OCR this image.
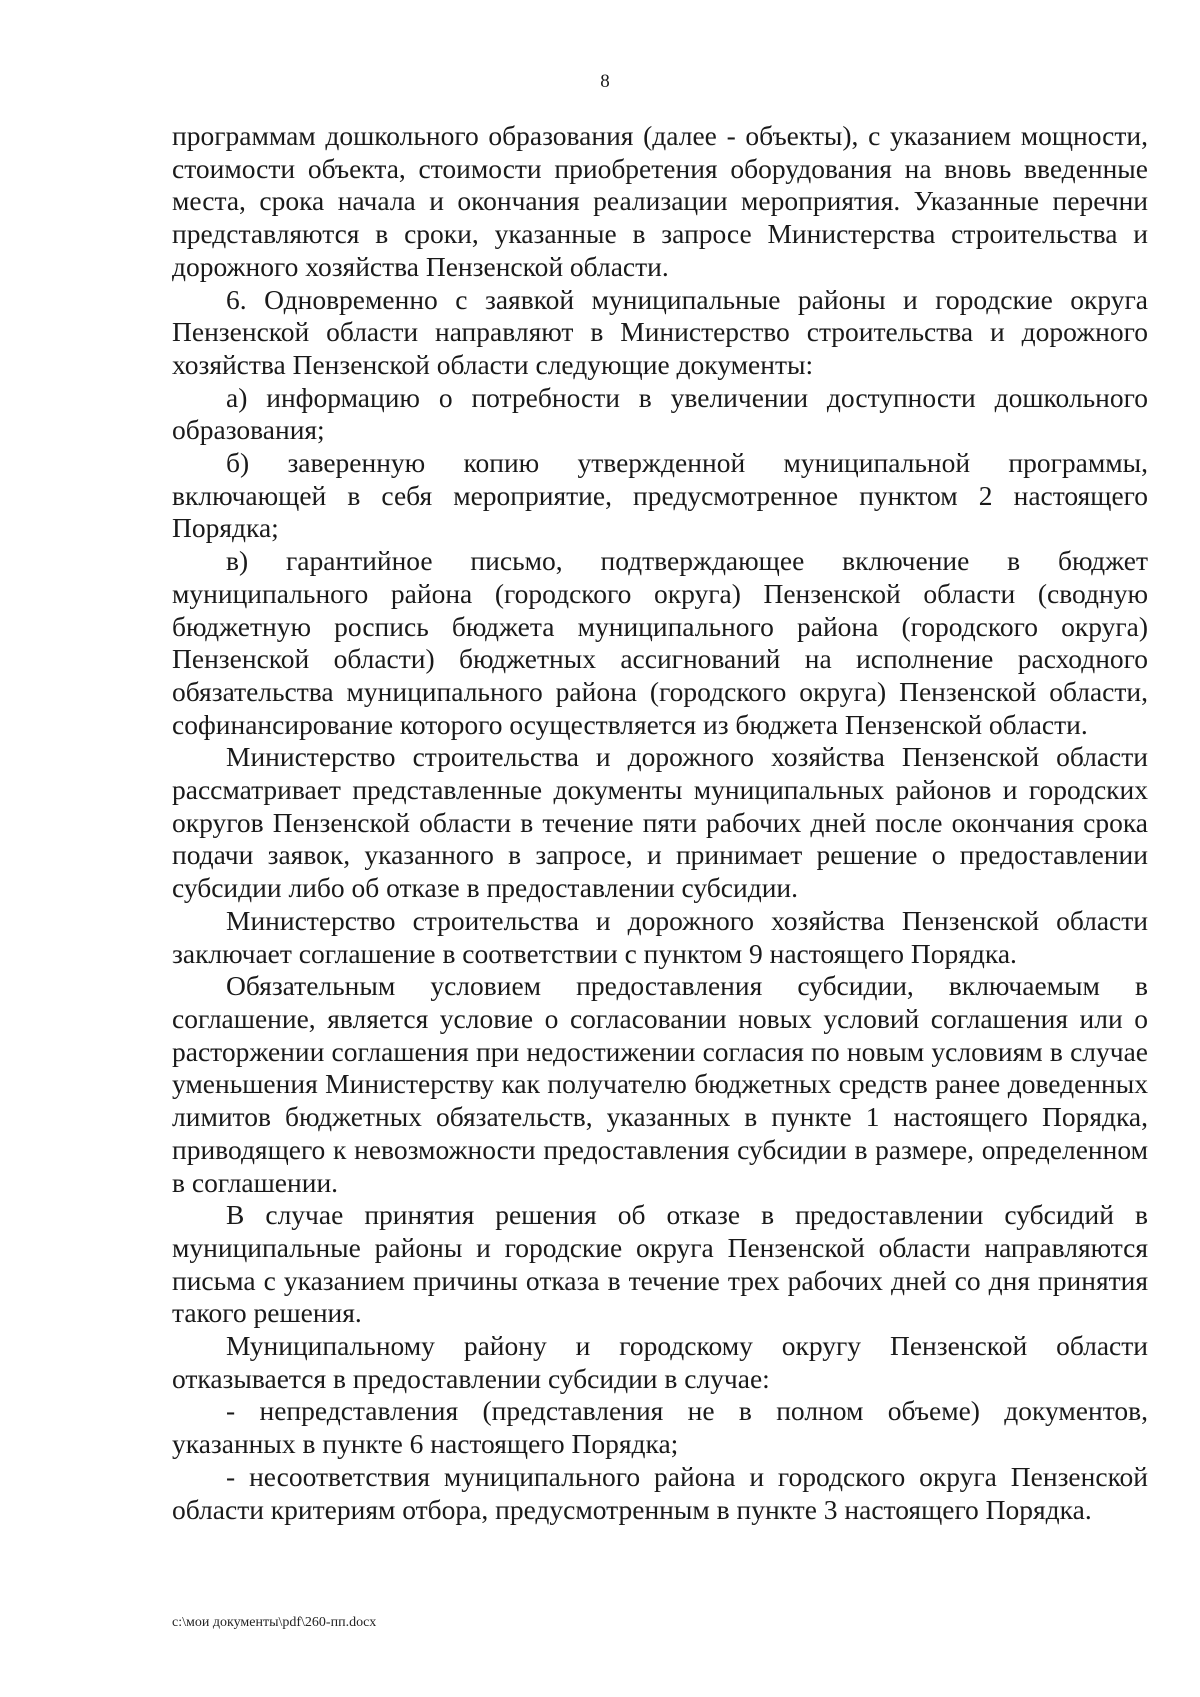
8

программам дошкольного образования (далее - объекты), с указанием мощности, стоимости объекта, стоимости приобретения оборудования на вновь введенные места, срока начала и окончания реализации мероприятия. Указанные перечни представляются в сроки, указанные в запросе Министерства строительства и дорожного хозяйства Пензенской области.

6. Одновременно с заявкой муниципальные районы и городские округа Пензенской области направляют в Министерство строительства и дорожного хозяйства Пензенской области следующие документы:

а) информацию о потребности в увеличении доступности дошкольного образования;

б) заверенную копию утвержденной муниципальной программы, включающей в себя мероприятие, предусмотренное пунктом 2 настоящего Порядка;

в) гарантийное письмо, подтверждающее включение в бюджет муниципального района (городского округа) Пензенской области (сводную бюджетную роспись бюджета муниципального района (городского округа) Пензенской области) бюджетных ассигнований на исполнение расходного обязательства муниципального района (городского округа) Пензенской области, софинансирование которого осуществляется из бюджета Пензенской области.

Министерство строительства и дорожного хозяйства Пензенской области рассматривает представленные документы муниципальных районов и городских округов Пензенской области в течение пяти рабочих дней после окончания срока подачи заявок, указанного в запросе, и принимает решение о предоставлении субсидии либо об отказе в предоставлении субсидии.

Министерство строительства и дорожного хозяйства Пензенской области заключает соглашение в соответствии с пунктом 9 настоящего Порядка.

Обязательным условием предоставления субсидии, включаемым в соглашение, является условие о согласовании новых условий соглашения или о расторжении соглашения при недостижении согласия по новым условиям в случае уменьшения Министерству как получателю бюджетных средств ранее доведенных лимитов бюджетных обязательств, указанных в пункте 1 настоящего Порядка, приводящего к невозможности предоставления субсидии в размере, определенном в соглашении.

В случае принятия решения об отказе в предоставлении субсидий в муниципальные районы и городские округа Пензенской области направляются письма с указанием причины отказа в течение трех рабочих дней со дня принятия такого решения.

Муниципальному району и городскому округу Пензенской области отказывается в предоставлении субсидии в случае:

- непредставления (представления не в полном объеме) документов, указанных в пункте 6 настоящего Порядка;

- несоответствия муниципального района и городского округа Пензенской области критериям отбора, предусмотренным в пункте 3 настоящего Порядка.

c:\мои документы\pdf\260-пп.docx
